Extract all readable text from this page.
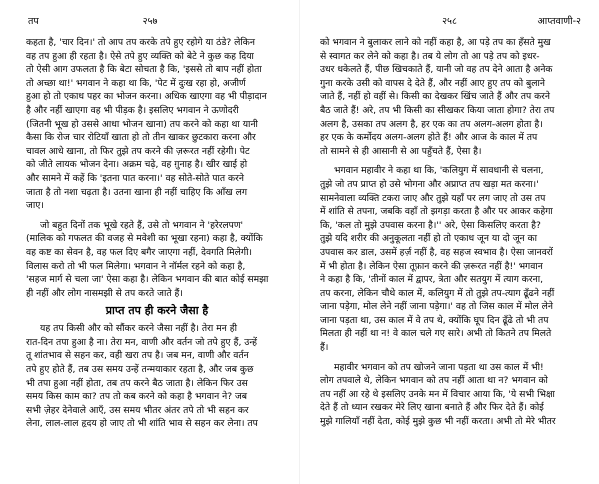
तप	२५७
कहता है, 'चार दिन।' तो आप तप करके तपे हुए रहोगे या ठंडे? लेकिन
वह तप हुआ ही रहता है। ऐसे तपे हुए व्यक्ति को बेटे ने कुछ कह दिया
तो ऐसी आग उफलता है कि बेटा सोचता है कि, 'इससे तो बाप नहीं होता
तो अच्छा था!' भगवान ने कहा था कि, 'पेट में दुःख रहा हो, अजीर्ण
हुआ हो तो एकाध पहर का भोजन करना। अधिक खाएगा वह भी पीड़ादान
है और नहीं खाएगा वह भी पीड़क है। इसलिए भगवान ने ऊणोदरी
(जितनी भूख हो उससे आधा भोजन खाना) तप करने को कहा था यानी
कैसा कि रोज चार रोटियाँ खाता हो तो तीन खाकर छुटकारा करना और
चावल आधे खाना, तो फिर तुझे तप करने की ज़रूरत नहीं रहेगी। पेट
को जीते लायक भोजन देना। अक्रम चढ़े, वह ग़ुनाह है। खीर खाई हो
और सामने में कहें कि 'इतना पात करना।' वह सोते-सोते पात करने
जाता है तो नशा चढ़ता है। उतना खाना ही नहीं चाहिए कि आँख लग
जाए।
जो बहुत दिनों तक भूखे रहते हैं, उसे तो भगवान ने 'हरेरलपण'
(मालिक को गफलत की वजह से मवेशी का भूखा रहना) कहा है, क्योंकि
वह कष्ट का सेवन है, वह फल दिए बगैर जाएगा नहीं, देवगति मिलेगी।
विलास करो तो भी फल मिलेगा। भगवान ने नॉर्मल रहने को कहा है,
'सहज मार्ग से चला जा' ऐसा कहा है। लेकिन भगवान की बात कोई समझा
ही नहीं और लोग नासमझी से तप करते जाते हैं।
प्राप्त तप ही करने जैसा है
यह तप किसी और को सौंकर करने जैसा नहीं है। तेरा मन ही
रात-दिन तपा हुआ है ना। तेरा मन, वाणी और वर्तन जो तपे हुए हैं, उन्हें
तू शांतभाव से सहन कर, वही खरा तप है। जब मन, वाणी और वर्तन
तपे हुए होते हैं, तब उस समय उन्हें तन्मयाकार रहता है, और जब कुछ
भी तपा हुआ नहीं होता, तब तप करने बैठ जाता है। लेकिन फिर उस
समय किस काम का? तप तो कब करने को कहा है भगवान ने? जब
सभी ज़ेहर देनेवाले आएँ, उस समय भीतर अंतर तपे तो भी सहन कर
लेना, लाल-लाल हृदय हो जाए तो भी शांति भाव से सहन कर लेना। तप
२५८	आप्तवाणी-२
को भगवान ने बुलाकर लाने को नहीं कहा है, आ पड़े तप का हँसते मुख
से स्वागत कर लेने को कहा है। तब ये लोग तो आ पड़े तप को इधर-
उधर धकेलते हैं, पीछ खिचकाते हैं, यानी जो वह तप देने आता है अनेक
गुना करके उसी को वापस दे देते हैं, और नहीं आए हुए तप को बुलाने
जाते हैं, नहीं हो वहीं से। किसी का देखकर खिंच जाते हैं और तप करने
बैठ जाते हैं! अरे, तप भी किसी का सीखकर किया जाता होगा? तेरा तप
अलग है, उसका तप अलग है, हर एक का तप अलग-अलग होता है।
हर एक के कर्मोदय अलग-अलग होते हैं! और आज के काल में तप
तो सामने से ही आसानी से आ पहुँचते हैं, ऐसा है।
भगवान महावीर ने कहा था कि, 'कलियुग में सावधानी से चलना,
तुझे जो तप प्राप्त हो उसे भोगना और अप्राप्त तप खड़ा मत करना।'
सामनेवाला व्यक्ति टकरा जाए और तुझे यहाँ पर लग जाए तो उस तप
में शांति से तपना, जबकि वहाँ तो झगड़ा करता है और पर आकर कहेगा
कि, 'कल तो मुझे उपवास करना है।'' अरे, ऐसा किसलिए करता है?
तुझे यदि शरीर की अनुकूलता नहीं हो तो एकाध जून या दो जून का
उपवास कर डाल, उसमें हर्ज़ नहीं है, वह सहज स्वभाव है। ऐसा जानवरों
में भी होता है। लेकिन ऐसा तूफ़ान करने की ज़रूरत नहीं है!' भगवान
ने कहा है कि, 'तीनों काल में द्वापर, त्रेता और सतयुग में त्याग करना,
तप करना, लेकिन चौथे काल में, कलियुग में तो तुझे तप-त्याग ढूँढने नहीं
जाना पड़ेगा, मोल लेने नहीं जाना पड़ेगा।' वह तो जिस काल में मोल लेने
जाना पड़ता था, उस काल में वे तप थे, क्योंकि घूप दिन ढूँढे तो भी तप
मिलता ही नहीं था न! वे काल चले गए सारे। अभी तो कितने तप मिलते
हैं।
महावीर भगवान को तप खोजने जाना पड़ता था उस काल में भी!
लोग तपवाले थे, लेकिन भगवान को तप नहीं आता था न? भगवान को
तप नहीं आ रहे थे इसलिए उनके मन में विचार आया कि, 'ये सभी भिक्षा
देते हैं तो ध्यान रखकर मेरे लिए खाना बनाते हैं और फिर देते हैं। कोई
मुझे गालियाँ नहीं देता, कोई मुझे कुछ भी नहीं करता। अभी तो मेरे भीतर
